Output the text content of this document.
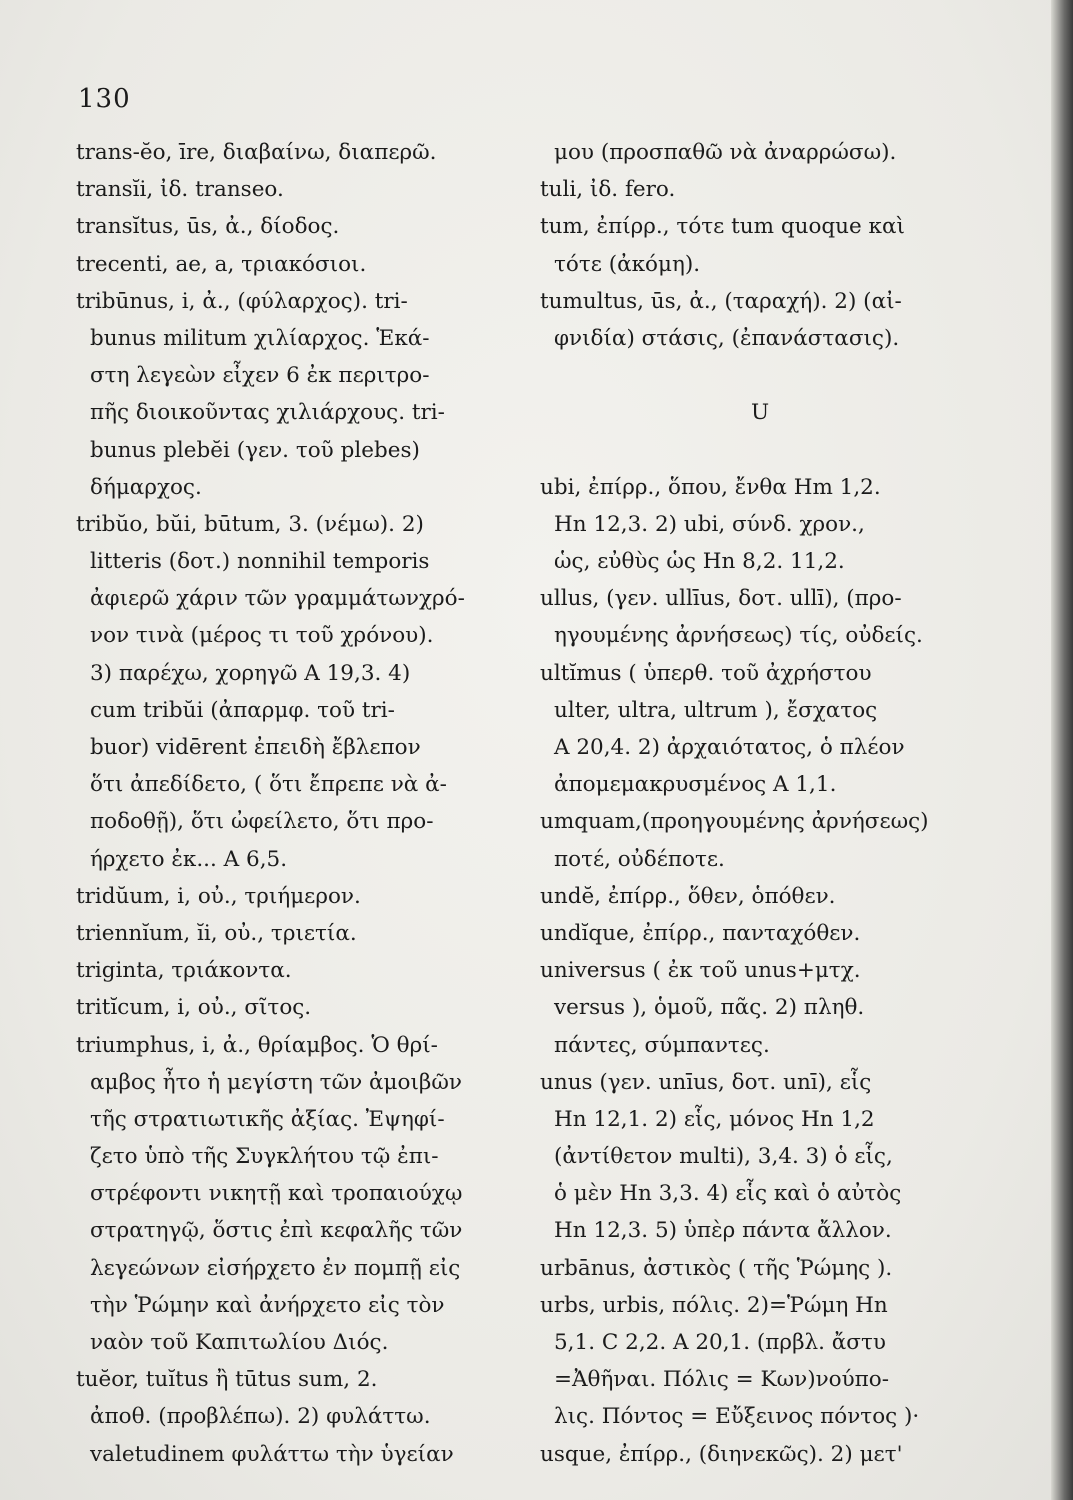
130
trans-ĕo, īre, διαβαίνω, διαπερῶ.
transĭi, ἰδ. transeo.
transĭtus, ūs, ἀ., δίοδος.
trecenti, ae, a, τριακόσιοι.
tribūnus, i, ἀ., (φύλαρχος). tri-
bunus militum χιλίαρχος. Ἑκά-
στη λεγεὼν εἶχεν 6 ἐκ περιτρο-
πῆς διοικοῦντας χιλιάρχους. tri-
bunus plebĕi (γεν. τοῦ plebes)
δήμαρχος.
tribŭo, bŭi, būtum, 3. (νέμω). 2)
litteris (δοτ.) nonnihil temporis
ἀφιερῶ χάριν τῶν γραμμάτωνχρό-
νον τινὰ (μέρος τι τοῦ χρόνου).
3) παρέχω, χορηγῶ A 19,3. 4)
cum tribŭi (ἀπαρμφ. τοῦ tri-
buor) vidērent ἐπειδὴ ἔβλεπον
ὅτι ἀπεδίδετο, ( ὅτι ἔπρεπε νὰ ἀ-
ποδοθῇ), ὅτι ὠφείλετο, ὅτι προ-
ήρχετο ἐκ... A 6,5.
tridŭum, i, οὐ., τριήμερον.
triennĭum, ĭi, οὐ., τριετία.
triginta, τριάκοντα.
tritĭcum, i, οὐ., σῖτος.
triumphus, i, ἀ., θρίαμβος. Ὁ θρί-
αμβος ἦτο ἡ μεγίστη τῶν ἀμοιβῶν
τῆς στρατιωτικῆς ἀξίας. Ἐψηφί-
ζετο ὑπὸ τῆς Συγκλήτου τῷ ἐπι-
στρέφοντι νικητῇ καὶ τροπαιούχῳ
στρατηγῷ, ὅστις ἐπὶ κεφαλῆς τῶν
λεγεώνων εἰσήρχετο ἐν πομπῇ εἰς
τὴν Ῥώμην καὶ ἀνήρχετο εἰς τὸν
ναὸν τοῦ Καπιτωλίου Διός.
tuĕor, tuĭtus ἢ tūtus sum, 2.
ἀποθ. (προβλέπω). 2) φυλάττω.
valetudinem φυλάττω τὴν ὑγείαν
μου (προσπαθῶ νὰ ἀναρρώσω).
tuli, ἰδ. fero.
tum, ἐπίρρ., τότε tum quoque καὶ
τότε (ἀκόμη).
tumultus, ūs, ἀ., (ταραχή). 2) (αἰ-
φνιδία) στάσις, (ἐπανάστασις).
U
ubi, ἐπίρρ., ὅπου, ἔνθα Hm 1,2.
Hn 12,3. 2) ubi, σύνδ. χρον.,
ὡς, εὐθὺς ὡς Hn 8,2. 11,2.
ullus, (γεν. ullīus, δοτ. ullī), (προ-
ηγουμένης ἀρνήσεως) τίς, οὐδείς.
ultĭmus ( ὑπερθ. τοῦ ἀχρήστου
ulter, ultra, ultrum ), ἔσχατος
A 20,4. 2) ἀρχαιότατος, ὁ πλέον
ἀπομεμακρυσμένος A 1,1.
umquam,(προηγουμένης ἀρνήσεως)
ποτέ, οὐδέποτε.
undĕ, ἐπίρρ., ὅθεν, ὁπόθεν.
undĭque, ἐπίρρ., πανταχόθεν.
universus ( ἐκ τοῦ unus+μτχ.
versus ), ὁμοῦ, πᾶς. 2) πληθ.
πάντες, σύμπαντες.
unus (γεν. unīus, δοτ. unī), εἷς
Hn 12,1. 2) εἷς, μόνος Hn 1,2
(ἀντίθετον multi), 3,4. 3) ὁ εἷς,
ὁ μὲν Hn 3,3. 4) εἷς καὶ ὁ αὐτὸς
Hn 12,3. 5) ὑπὲρ πάντα ἄλλον.
urbānus, ἀστικὸς ( τῆς Ῥώμης ).
urbs, urbis, πόλις. 2)=Ῥώμη Hn
5,1. C 2,2. A 20,1. (πρβλ. ἄστυ
=Ἀθῆναι. Πόλις = Κων)νούπο-
λις. Πόντος = Εὔξεινος πόντος )·
usque, ἐπίρρ., (διηνεκῶς). 2) μετ'
